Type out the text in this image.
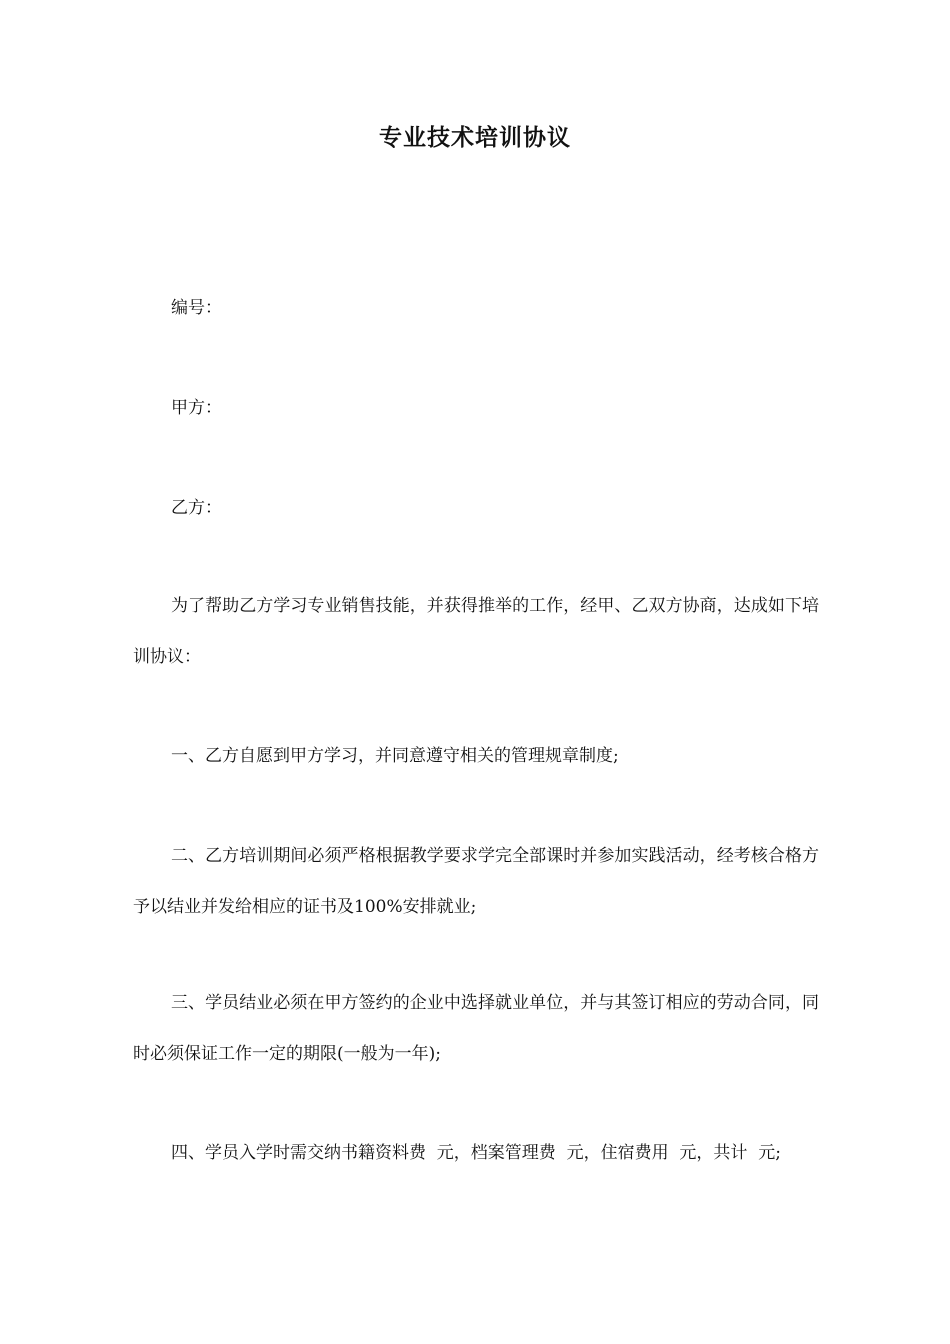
专业技术培训协议
编号：
甲方：
乙方：
为了帮助乙方学习专业销售技能，并获得推举的工作，经甲、乙双方协商，达成如下培训协议：
一、乙方自愿到甲方学习，并同意遵守相关的管理规章制度;
二、乙方培训期间必须严格根据教学要求学完全部课时并参加实践活动，经考核合格方予以结业并发给相应的证书及100%安排就业;
三、学员结业必须在甲方签约的企业中选择就业单位，并与其签订相应的劳动合同，同时必须保证工作一定的期限(一般为一年);
四、学员入学时需交纳书籍资料费  元，档案管理费  元，住宿费用  元，共计  元;
